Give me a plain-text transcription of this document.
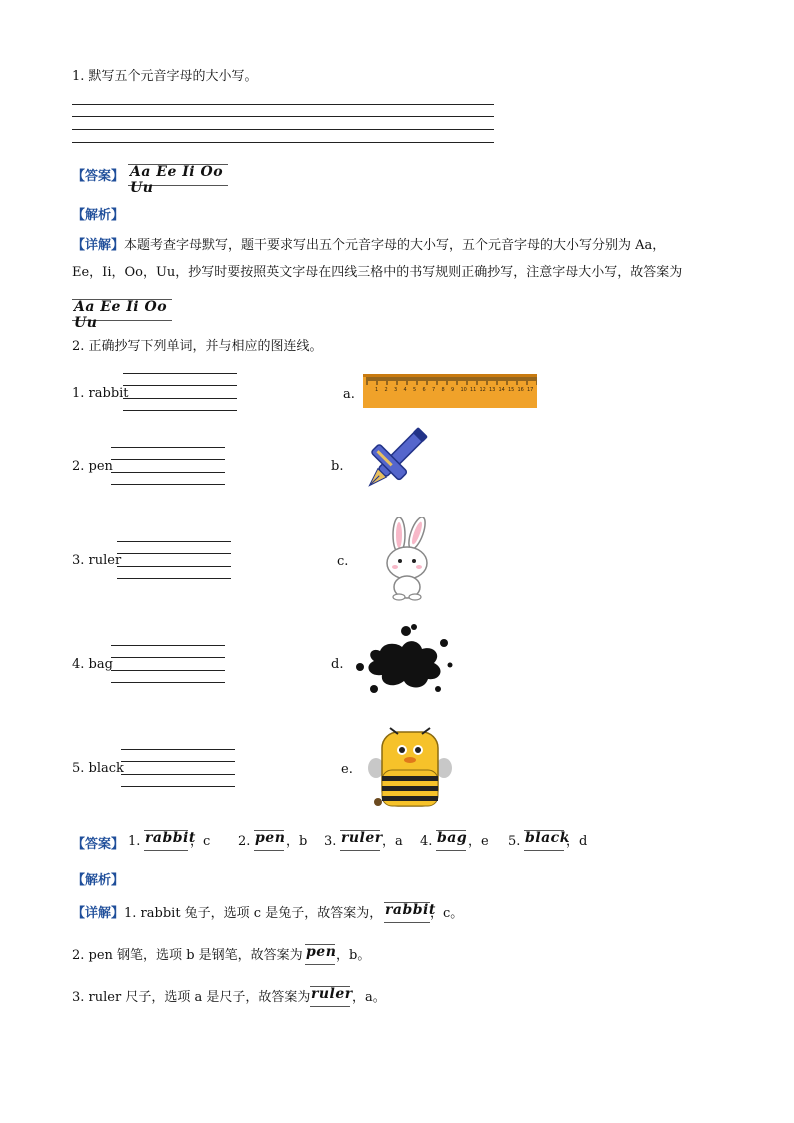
1. 默写五个元音字母的大小写。
【答案】 Aa Ee Ii Oo Uu
【解析】
【详解】本题考查字母默写，题干要求写出五个元音字母的大小写，五个元音字母的大小写分别为 Aa，
Ee，Ii，Oo，Uu，抄写时要按照英文字母在四线三格中的书写规则正确抄写，注意字母大小写，故答案为
Aa Ee Ii Oo Uu
2. 正确抄写下列单词，并与相应的图连线。
1. rabbit
2. pen
3. ruler
4. bag
5. black
a.
b.
c.
d.
e.
1 2 3 4 5 6 7 8 9 10 11 12 13 14 15 16 17
【答案】 1. rabbit
，c 2. pen ，b 3. ruler ，a 4. bag ，e 5. black
，d
【解析】
【详解】1. rabbit 兔子，选项 c 是兔子，故答案为， rabbit
，c。
2. pen 钢笔，选项 b 是钢笔，故答案为 pen ，b。
3. ruler 尺子，选项 a 是尺子，故答案为 ruler ，a。
